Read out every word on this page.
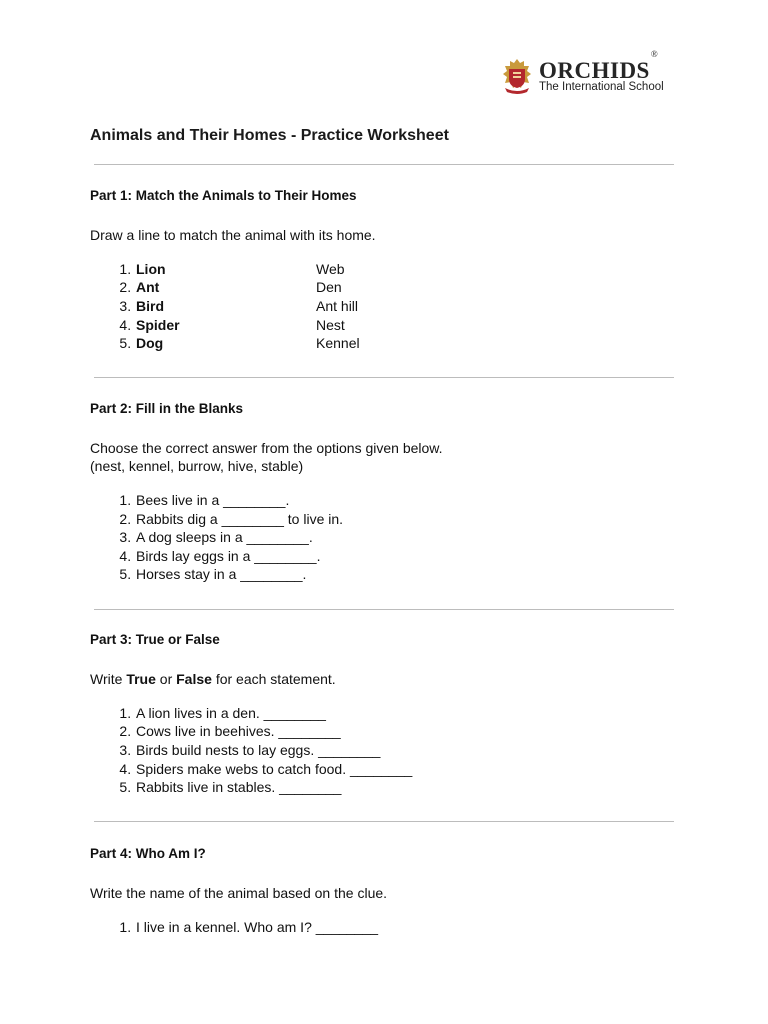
ORCHIDS®
The International School
Animals and Their Homes - Practice Worksheet

Part 1: Match the Animals to Their Homes

Draw a line to match the animal with its home.

1. Lion	Web
2. Ant	Den
3. Bird	Ant hill
4. Spider	Nest
5. Dog	Kennel

Part 2: Fill in the Blanks

Choose the correct answer from the options given below.

(nest, kennel, burrow, hive, stable)

1. Bees live in a ________.
2. Rabbits dig a ________ to live in.
3. A dog sleeps in a ________.
4. Birds lay eggs in a ________.
5. Horses stay in a ________.

Part 3: True or False

Write True or False for each statement.

1. A lion lives in a den. ________
2. Cows live in beehives. ________
3. Birds build nests to lay eggs. ________
4. Spiders make webs to catch food. ________
5. Rabbits live in stables. ________

Part 4: Who Am I?

Write the name of the animal based on the clue.

1. I live in a kennel. Who am I? ________
